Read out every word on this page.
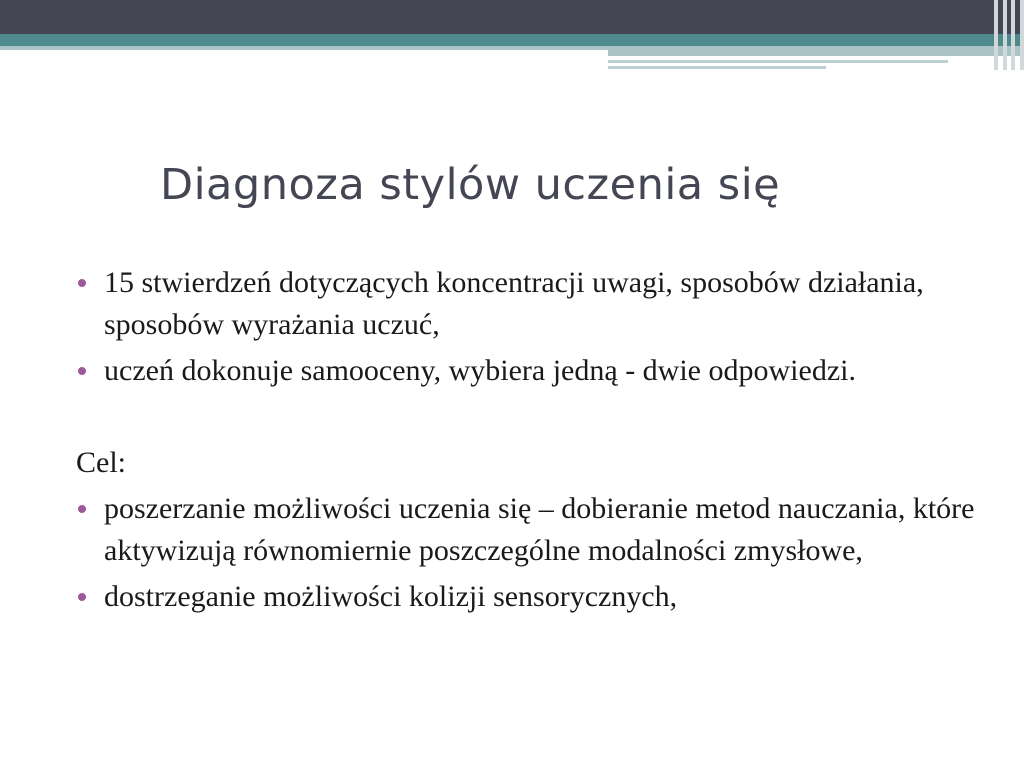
Diagnoza stylów uczenia się
15 stwierdzeń dotyczących koncentracji uwagi, sposobów działania, sposobów wyrażania uczuć,
uczeń dokonuje samooceny, wybiera jedną - dwie odpowiedzi.
Cel:
poszerzanie możliwości uczenia się – dobieranie metod nauczania, które aktywizują równomiernie poszczególne modalności zmysłowe,
dostrzeganie możliwości kolizji sensorycznych,
